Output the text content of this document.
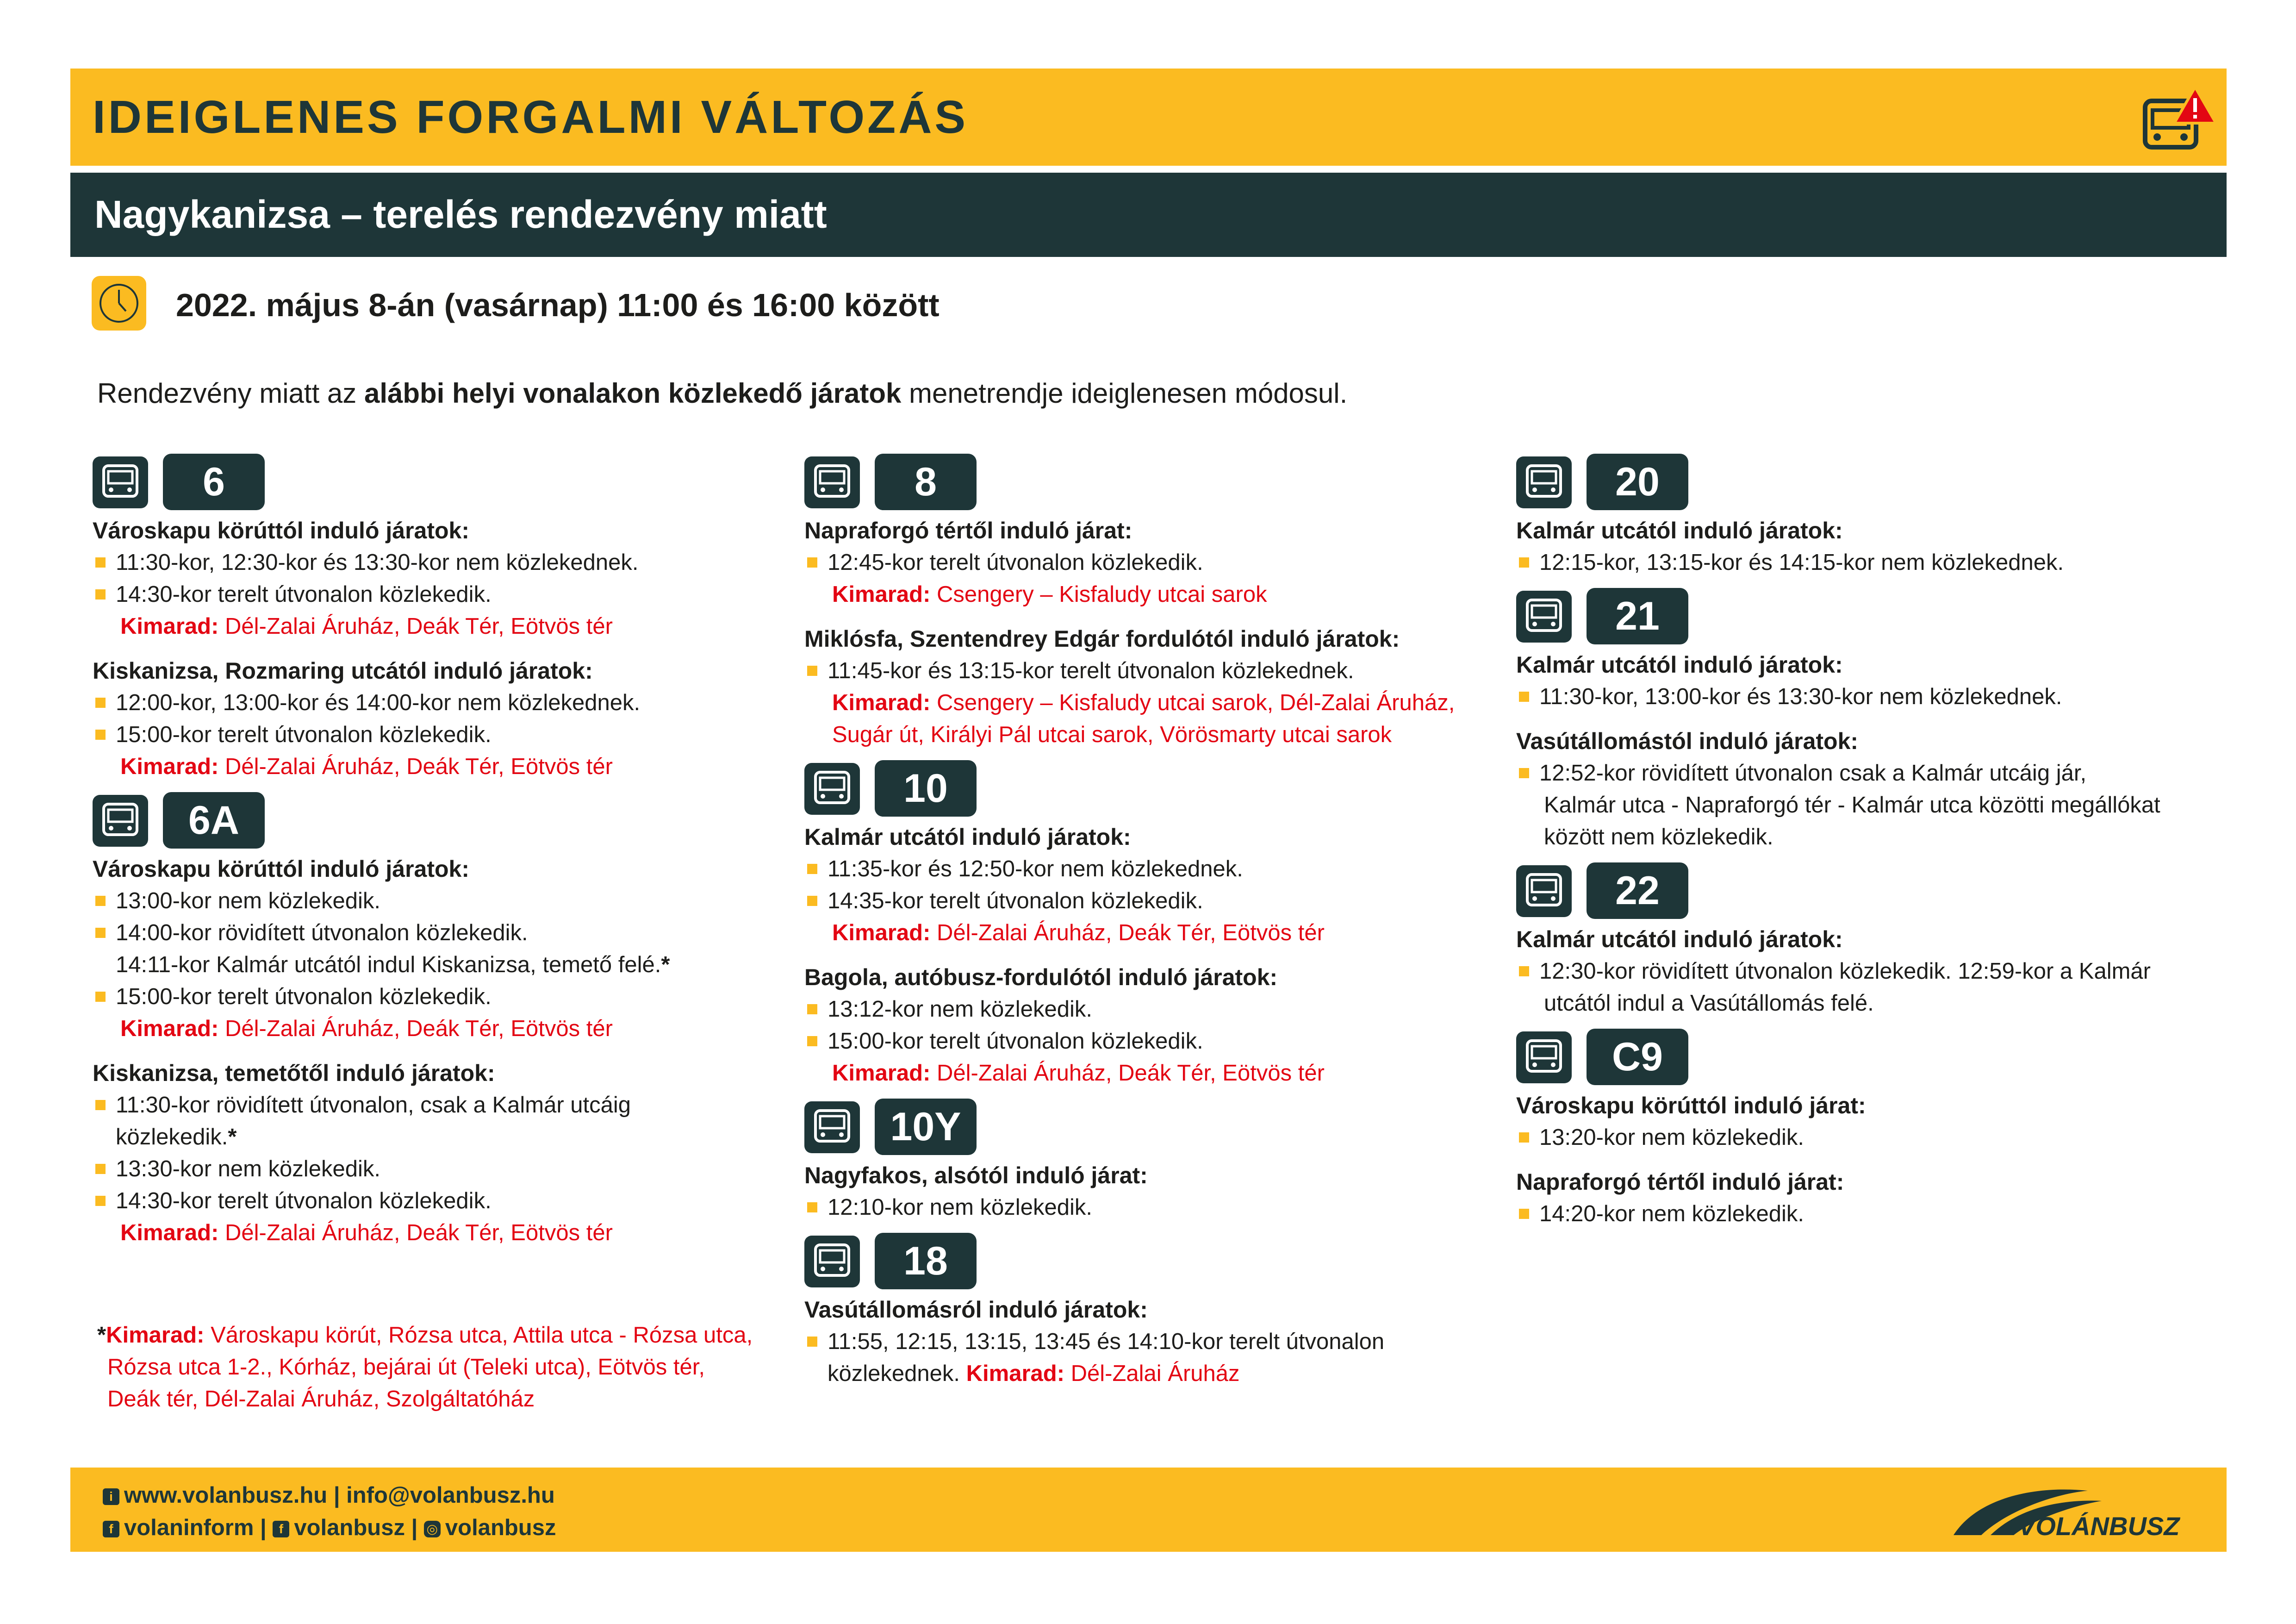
IDEIGLENES FORGALMI VÁLTOZÁS
Nagykanizsa – terelés rendezvény miatt
2022. május 8-án (vasárnap) 11:00 és 16:00 között
Rendezvény miatt az alábbi helyi vonalakon közlekedő járatok menetrendje ideiglenesen módosul.
6
Városkapu körúttól induló járatok:
11:30-kor, 12:30-kor és 13:30-kor nem közlekednek.
14:30-kor terelt útvonalon közlekedik.
Kimarad: Dél-Zalai Áruház, Deák Tér, Eötvös tér
Kiskanizsa, Rozmaring utcától induló járatok:
12:00-kor, 13:00-kor és 14:00-kor nem közlekednek.
15:00-kor terelt útvonalon közlekedik.
Kimarad: Dél-Zalai Áruház, Deák Tér, Eötvös tér
6A
Városkapu körúttól induló járatok:
13:00-kor nem közlekedik.
14:00-kor rövidített útvonalon közlekedik.
14:11-kor Kalmár utcától indul Kiskanizsa, temető felé.*
15:00-kor terelt útvonalon közlekedik.
Kimarad: Dél-Zalai Áruház, Deák Tér, Eötvös tér
Kiskanizsa, temetőtől induló járatok:
11:30-kor rövidített útvonalon, csak a Kalmár utcáig
közlekedik.*
13:30-kor nem közlekedik.
14:30-kor terelt útvonalon közlekedik.
Kimarad: Dél-Zalai Áruház, Deák Tér, Eötvös tér
*Kimarad: Városkapu körút, Rózsa utca, Attila utca - Rózsa utca,
Rózsa utca 1-2., Kórház, bejárai út (Teleki utca), Eötvös tér,
Deák tér, Dél-Zalai Áruház, Szolgáltatóház
8
Napraforgó tértől induló járat:
12:45-kor terelt útvonalon közlekedik.
Kimarad: Csengery – Kisfaludy utcai sarok
Miklósfa, Szentendrey Edgár fordulótól induló járatok:
11:45-kor és 13:15-kor terelt útvonalon közlekednek.
Kimarad: Csengery – Kisfaludy utcai sarok, Dél-Zalai Áruház,
Sugár út, Királyi Pál utcai sarok, Vörösmarty utcai sarok
10
Kalmár utcától induló járatok:
11:35-kor és 12:50-kor nem közlekednek.
14:35-kor terelt útvonalon közlekedik.
Kimarad: Dél-Zalai Áruház, Deák Tér, Eötvös tér
Bagola, autóbusz-fordulótól induló járatok:
13:12-kor nem közlekedik.
15:00-kor terelt útvonalon közlekedik.
Kimarad: Dél-Zalai Áruház, Deák Tér, Eötvös tér
10Y
Nagyfakos, alsótól induló járat:
12:10-kor nem közlekedik.
18
Vasútállomásról induló járatok:
11:55, 12:15, 13:15, 13:45 és 14:10-kor terelt útvonalon
közlekednek. Kimarad: Dél-Zalai Áruház
20
Kalmár utcától induló járatok:
12:15-kor, 13:15-kor és 14:15-kor nem közlekednek.
21
Kalmár utcától induló járatok:
11:30-kor, 13:00-kor és 13:30-kor nem közlekednek.
Vasútállomástól induló járatok:
12:52-kor rövidített útvonalon csak a Kalmár utcáig jár,
Kalmár utca - Napraforgó tér - Kalmár utca közötti megállókat
között nem közlekedik.
22
Kalmár utcától induló járatok:
12:30-kor rövidített útvonalon közlekedik. 12:59-kor a Kalmár
utcától indul a Vasútállomás felé.
C9
Városkapu körúttól induló járat:
13:20-kor nem közlekedik.
Napraforgó tértől induló járat:
14:20-kor nem közlekedik.
i www.volanbusz.hu | info@volanbusz.hu
f volaninform | f volanbusz | ◎ volanbusz	VOLÁNBUSZ
